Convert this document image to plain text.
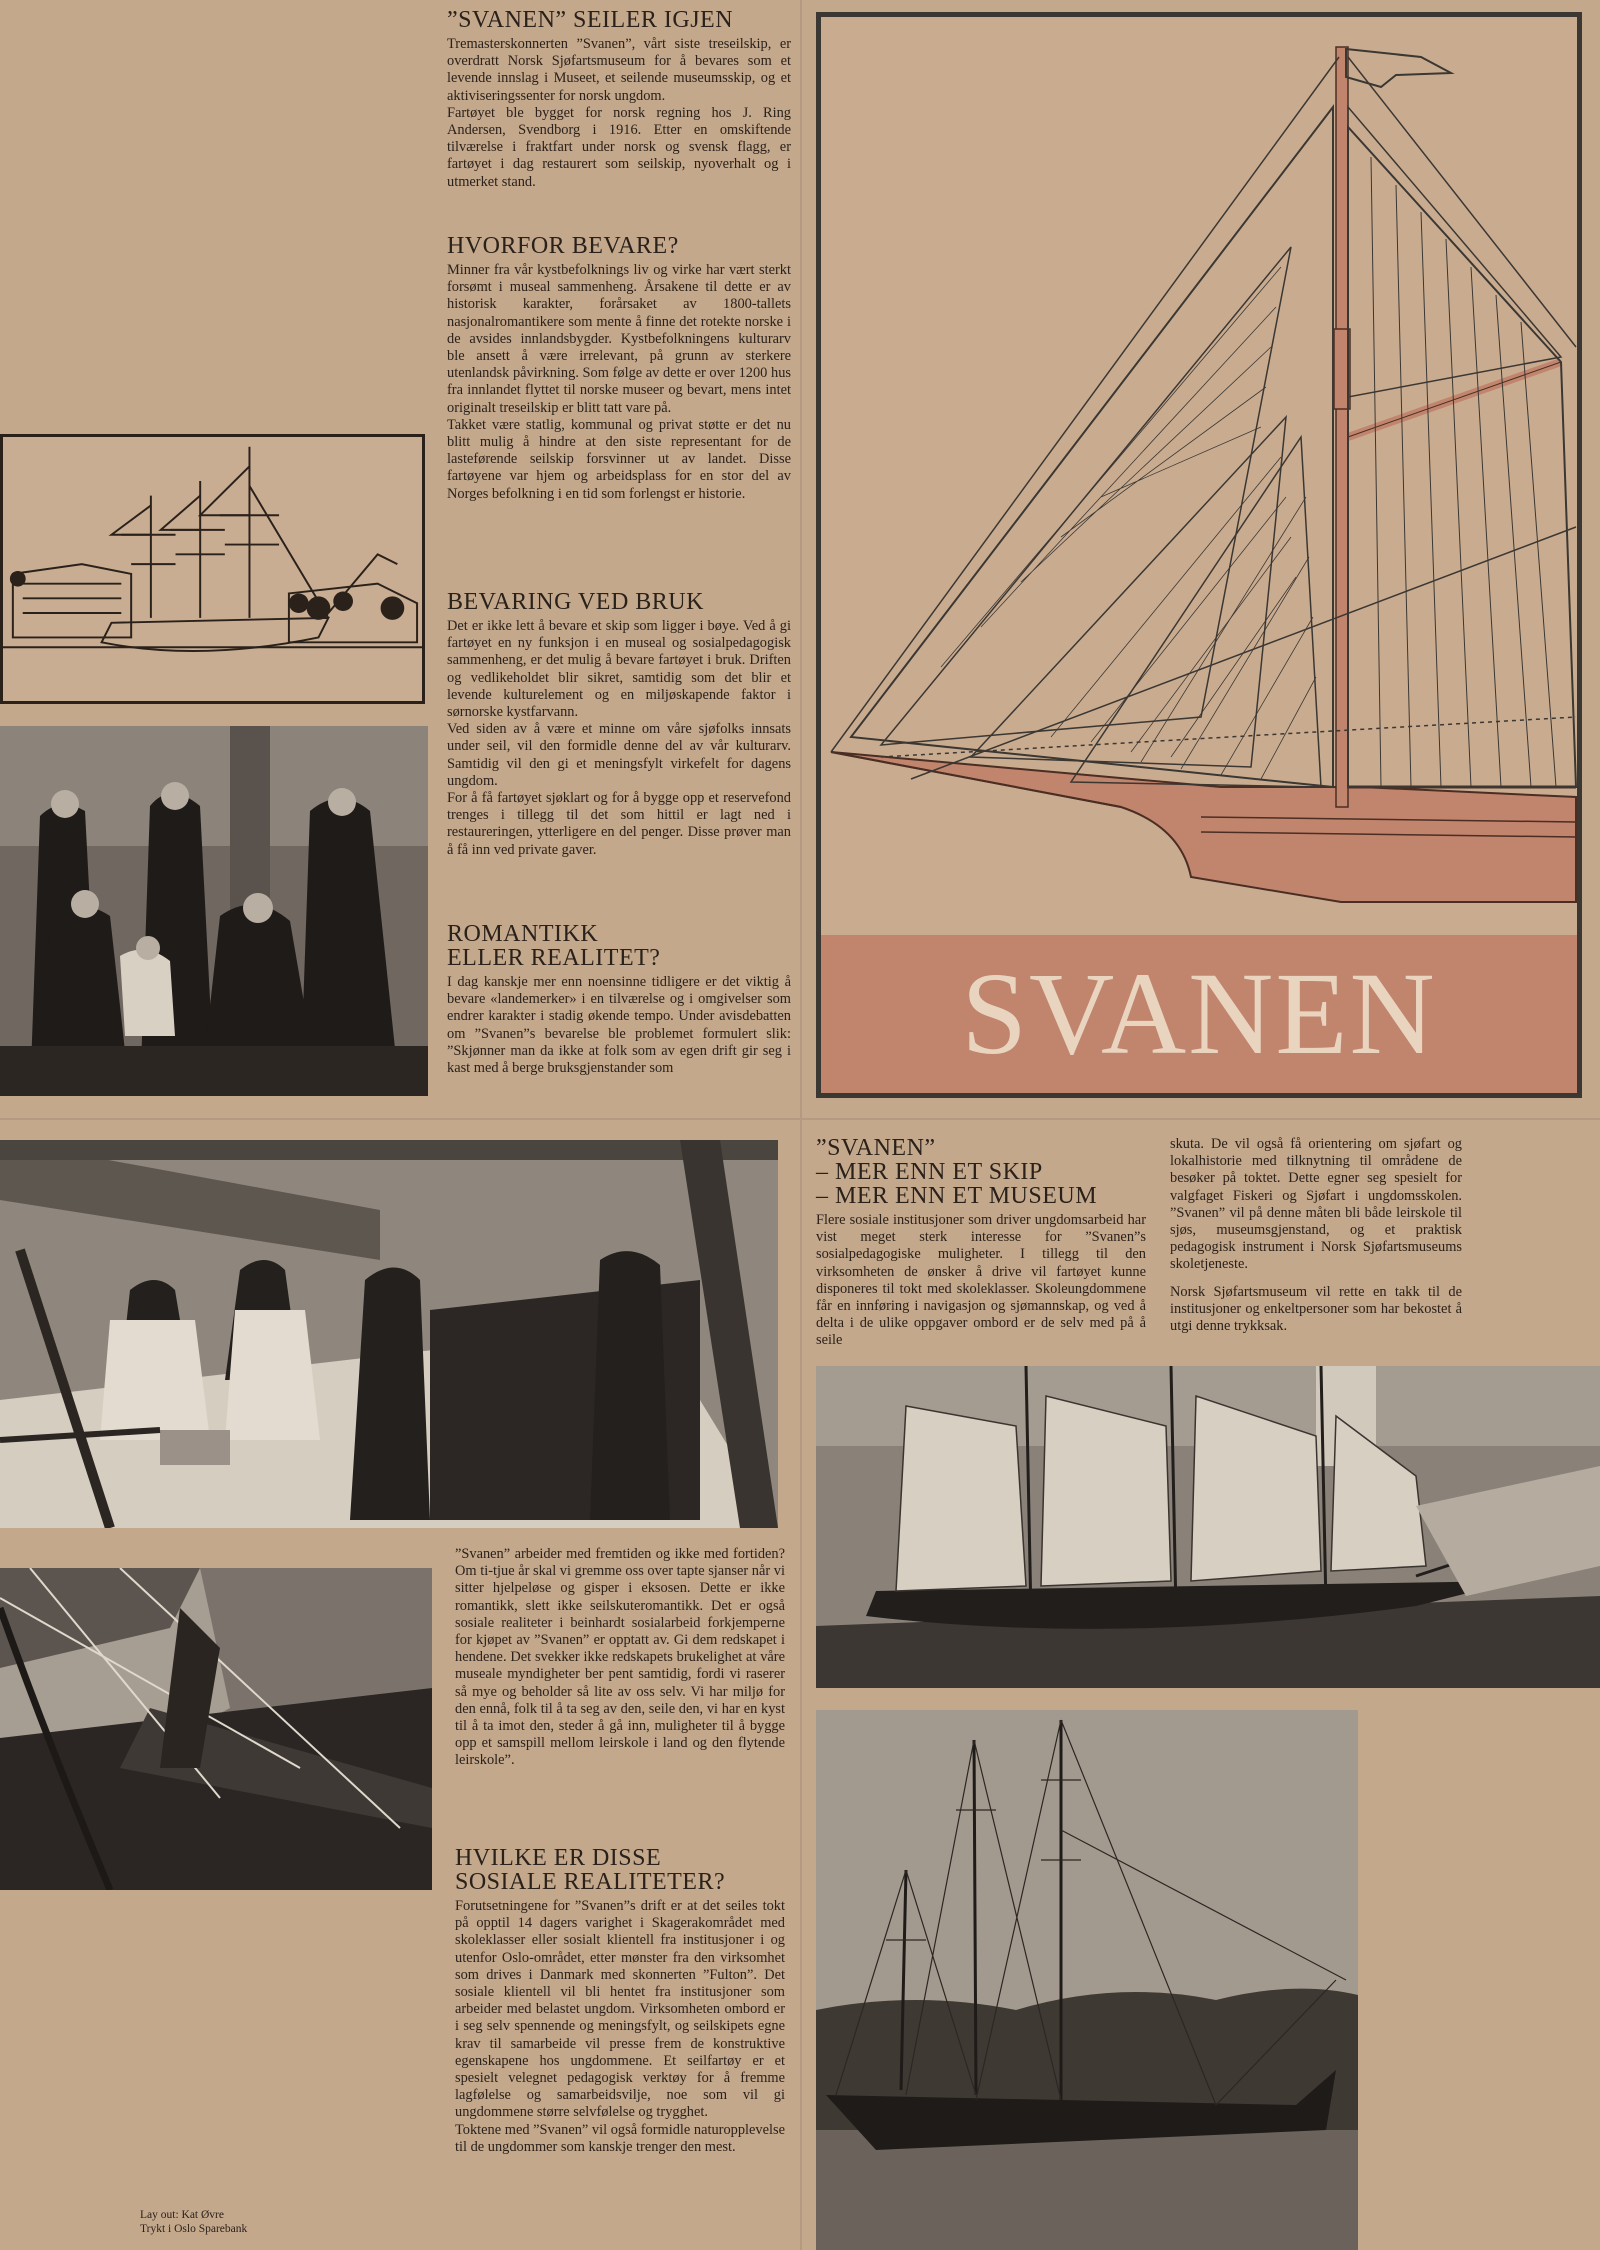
”SVANEN” SEILER IGJEN

Tremasterskonnerten ”Svanen”, vårt siste treseilskip, er overdratt Norsk Sjøfartsmuseum for å bevares som et levende innslag i Museet, et seilende museumsskip, og et aktiviseringssenter for norsk ungdom.

Fartøyet ble bygget for norsk regning hos J. Ring Andersen, Svendborg i 1916. Etter en omskiftende tilværelse i fraktfart under norsk og svensk flagg, er fartøyet i dag restaurert som seilskip, nyoverhalt og i utmerket stand.

HVORFOR BEVARE?

Minner fra vår kystbefolknings liv og virke har vært sterkt forsømt i museal sammenheng. Årsakene til dette er av historisk karakter, forårsaket av 1800-tallets nasjonalromantikere som mente å finne det rotekte norske i de avsides innlandsbygder. Kystbefolkningens kulturarv ble ansett å være irrelevant, på grunn av sterkere utenlandsk påvirkning. Som følge av dette er over 1200 hus fra innlandet flyttet til norske museer og bevart, mens intet originalt treseilskip er blitt tatt vare på.

Takket være statlig, kommunal og privat støtte er det nu blitt mulig å hindre at den siste representant for de lasteførende seilskip forsvinner ut av landet. Disse fartøyene var hjem og arbeidsplass for en stor del av Norges befolkning i en tid som forlengst er historie.

BEVARING VED BRUK

Det er ikke lett å bevare et skip som ligger i bøye. Ved å gi fartøyet en ny funksjon i en museal og sosialpedagogisk sammenheng, er det mulig å bevare fartøyet i bruk. Driften og vedlikeholdet blir sikret, samtidig som det blir et levende kulturelement og en miljøskapende faktor i sørnorske kystfarvann.

Ved siden av å være et minne om våre sjøfolks innsats under seil, vil den formidle denne del av vår kulturarv. Samtidig vil den gi et meningsfylt virkefelt for dagens ungdom.

For å få fartøyet sjøklart og for å bygge opp et reservefond trenges i tillegg til det som hittil er lagt ned i restaureringen, ytterligere en del penger. Disse prøver man å få inn ved private gaver.

ROMANTIKK
ELLER REALITET?

I dag kanskje mer enn noensinne tidligere er det viktig å bevare «landemerker» i en tilværelse og i omgivelser som endrer karakter i stadig økende tempo. Under avisdebatten om ”Svanen”s bevarelse ble problemet formulert slik: ”Skjønner man da ikke at folk som av egen drift gir seg i kast med å berge bruksgjenstander som	SVANEN

”Svanen” arbeider med fremtiden og ikke med fortiden? Om ti-tjue år skal vi gremme oss over tapte sjanser når vi sitter hjelpeløse og gisper i eksosen. Dette er ikke romantikk, slett ikke seilskuteromantikk. Det er også sosiale realiteter i beinhardt sosialarbeid forkjemperne for kjøpet av ”Svanen” er opptatt av. Gi dem redskapet i hendene. Det svekker ikke redskapets brukelighet at våre museale myndigheter ber pent samtidig, fordi vi raserer så mye og beholder så lite av oss selv. Vi har miljø for den ennå, folk til å ta seg av den, seile den, vi har en kyst til å ta imot den, steder å gå inn, muligheter til å bygge opp et samspill mellom leirskole i land og den flytende leirskole”.

HVILKE ER DISSE
SOSIALE REALITETER?

Forutsetningene for ”Svanen”s drift er at det seiles tokt på opptil 14 dagers varighet i Skagerakområdet med skoleklasser eller sosialt klientell fra institusjoner i og utenfor Oslo-området, etter mønster fra den virksomhet som drives i Danmark med skonnerten ”Fulton”. Det sosiale klientell vil bli hentet fra institusjoner som arbeider med belastet ungdom. Virksomheten ombord er i seg selv spennende og meningsfylt, og seilskipets egne krav til samarbeide vil presse frem de konstruktive egenskapene hos ungdommene. Et seilfartøy er et spesielt velegnet pedagogisk verktøy for å fremme lagfølelse og samarbeidsvilje, noe som vil gi ungdommene større selvfølelse og trygghet.

Toktene med ”Svanen” vil også formidle naturopplevelse til de ungdommer som kanskje trenger den mest.

Lay out: Kat Øvre
Trykt i Oslo Sparebank
”SVANEN”
– MER ENN ET SKIP
– MER ENN ET MUSEUM

Flere sosiale institusjoner som driver ungdomsarbeid har vist meget sterk interesse for ”Svanen”s sosialpedagogiske muligheter. I tillegg til den virksomheten de ønsker å drive vil fartøyet kunne disponeres til tokt med skoleklasser. Skoleungdommene får en innføring i navigasjon og sjømannskap, og ved å delta i de ulike oppgaver ombord er de selv med på å seile

skuta. De vil også få orientering om sjøfart og lokalhistorie med tilknytning til områdene de besøker på toktet. Dette egner seg spesielt for valgfaget Fiskeri og Sjøfart i ungdomsskolen. ”Svanen” vil på denne måten bli både leirskole til sjøs, museumsgjenstand, og et praktisk pedagogisk instrument i Norsk Sjøfartsmuseums skoletjeneste.

Norsk Sjøfartsmuseum vil rette en takk til de institusjoner og enkeltpersoner som har bekostet å utgi denne trykksak.
